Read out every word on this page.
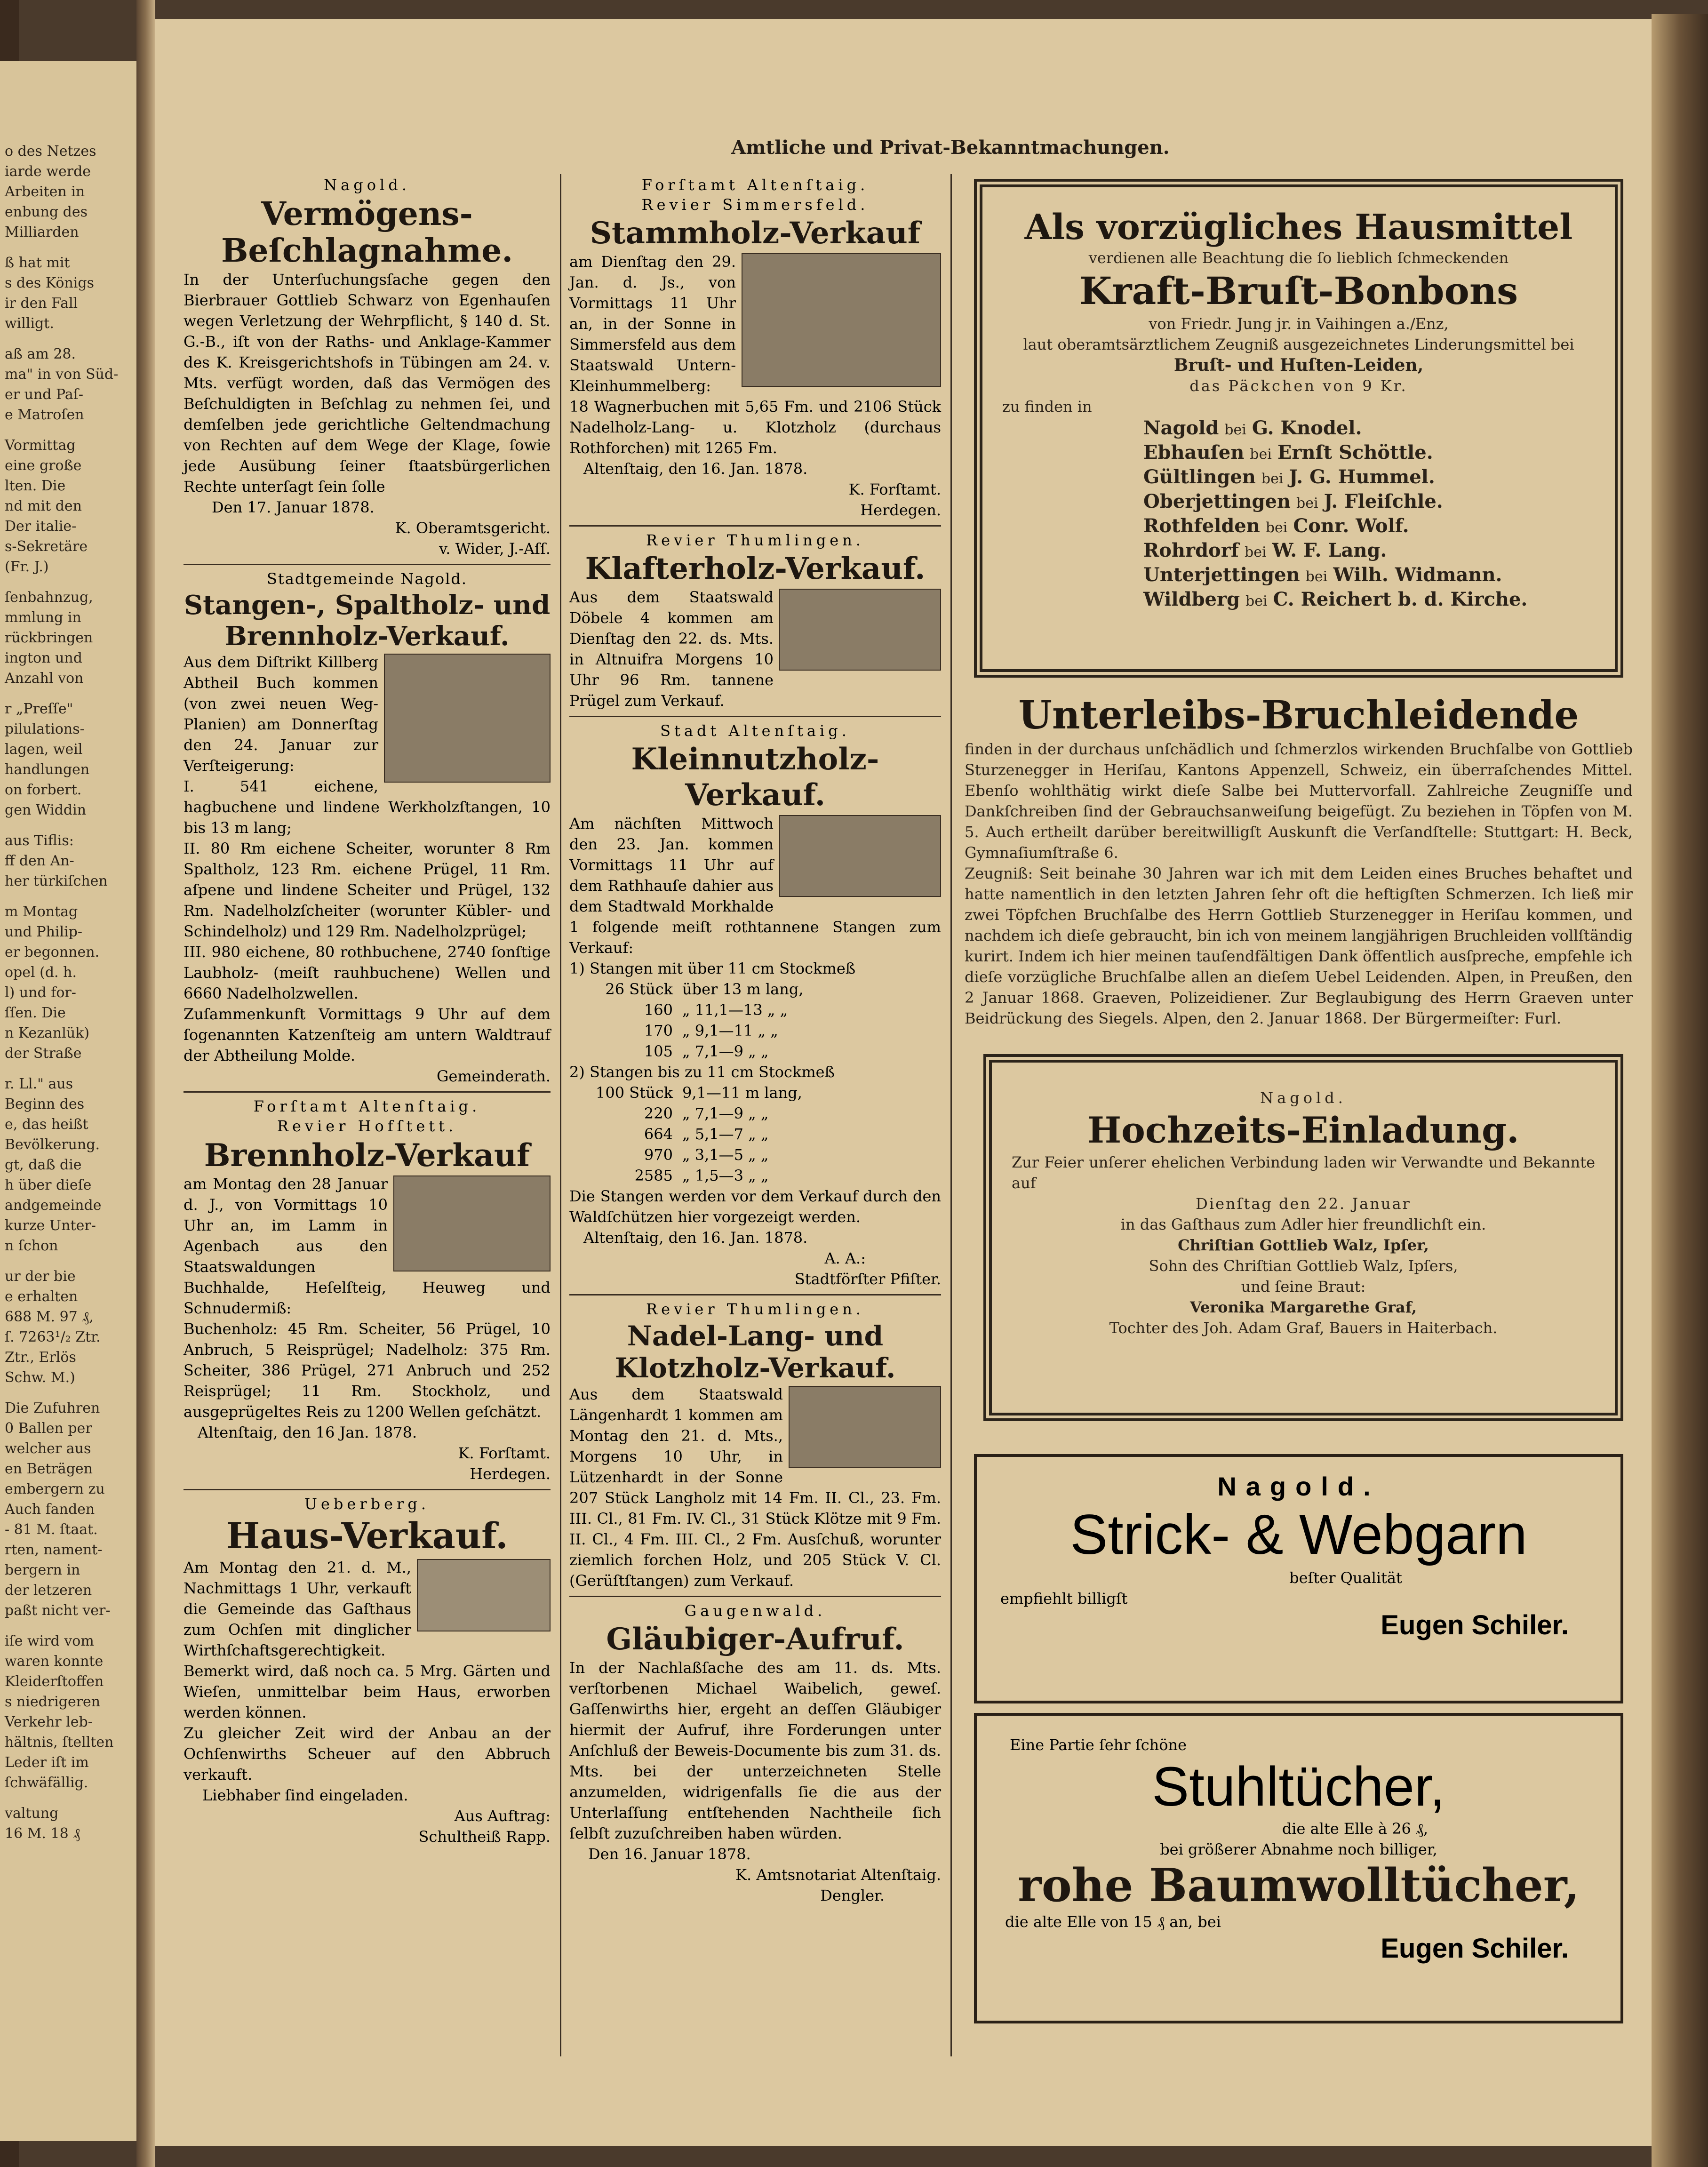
o des Netzes
iarde werde
Arbeiten in
enbung des
Milliarden
ß hat mit
s des Königs
ir den Fall
willigt.
aß am 28.
ma" in von Süd-
er und Paſ-
e Matroſen
Vormittag
eine große
lten. Die
nd mit den
Der italie-
s-Sekretäre
(Fr. J.)
ſenbahnzug,
mmlung in
rückbringen
ington und
Anzahl von
r „Preſſe"
pilulations-
lagen, weil
handlungen
on forbert.
gen Widdin
aus Tiflis:
ff den An-
her türkiſchen
m Montag
und Philip-
er begonnen.
opel (d. h.
l) und for-
ſſen. Die
n Kezanlük)
der Straße
r. Ll." aus
Beginn des
e, das heißt
Bevölkerung.
gt, daß die
h über dieſe
andgemeinde
kurze Unter-
n ſchon
ur der bie
e erhalten
688 M. 97 ₰,
ſ. 7263¹/₂ Ztr.
Ztr., Erlös
Schw. M.)
Die Zufuhren
0 Ballen per
welcher aus
en Beträgen
embergern zu
Auch fanden
- 81 M. ſtaat.
rten, nament-
bergern in
der letzeren
paßt nicht ver-
iſe wird vom
waren konnte
Kleiderſtoffen
s niedrigeren
Verkehr leb-
hältnis, ſtellten
Leder iſt im
ſchwäfällig.
valtung
16 M. 18 ₰
Amtliche und Privat-Bekanntmachungen.
Nagold.
Vermögens-Beſchlagnahme.
In der Unterſuchungsſache gegen den Bierbrauer Gottlieb Schwarz von Egenhauſen wegen Verletzung der Wehrpflicht, § 140 d. St. G.-B., iſt von der Raths- und Anklage-Kammer des K. Kreisgerichtshofs in Tübingen am 24. v. Mts. verfügt worden, daß das Vermögen des Beſchuldigten in Beſchlag zu nehmen ſei, und demſelben jede gerichtliche Geltendmachung von Rechten auf dem Wege der Klage, ſowie jede Ausübung ſeiner ſtaatsbürgerlichen Rechte unterſagt ſein ſolle
Den 17. Januar 1878.
K. Oberamtsgericht.
v. Wider, J.-Aſſ.
Stadtgemeinde Nagold.
Stangen-, Spaltholz- und Brennholz-Verkauf.
Aus dem Diſtrikt Killberg Abtheil Buch kommen (von zwei neuen Weg-Planien) am Donnerſtag den 24. Januar zur Verſteigerung:
I. 541 eichene, hagbuchene und lindene Werkholzſtangen, 10 bis 13 m lang;
II. 80 Rm eichene Scheiter, worunter 8 Rm Spaltholz, 123 Rm. eichene Prügel, 11 Rm. aſpene und lindene Scheiter und Prügel, 132 Rm. Nadelholzſcheiter (worunter Kübler- und Schindelholz) und 129 Rm. Nadelholzprügel;
III. 980 eichene, 80 rothbuchene, 2740 ſonſtige Laubholz- (meiſt rauhbuchene) Wellen und 6660 Nadelholzwellen.
Zuſammenkunft Vormittags 9 Uhr auf dem ſogenannten Katzenſteig am untern Waldtrauf der Abtheilung Molde.
Gemeinderath.
Forſtamt Altenſtaig.
Revier Hofſtett.
Brennholz-Verkauf
am Montag den 28 Januar d. J., von Vormittags 10 Uhr an, im Lamm in Agenbach aus den Staatswaldungen Buchhalde, Heſelſteig, Heuweg und Schnudermiß:
Buchenholz: 45 Rm. Scheiter, 56 Prügel, 10 Anbruch, 5 Reisprügel; Nadelholz: 375 Rm. Scheiter, 386 Prügel, 271 Anbruch und 252 Reisprügel; 11 Rm. Stockholz, und ausgeprügeltes Reis zu 1200 Wellen geſchätzt.
Altenſtaig, den 16 Jan. 1878.
K. Forſtamt.
Herdegen.
Ueberberg.
Haus-Verkauf.
Am Montag den 21. d. M., Nachmittags 1 Uhr, verkauft die Gemeinde das Gaſthaus zum Ochſen mit dinglicher Wirthſchaftsgerechtigkeit.
Bemerkt wird, daß noch ca. 5 Mrg. Gärten und Wieſen, unmittelbar beim Haus, erworben werden können.
Zu gleicher Zeit wird der Anbau an der Ochſenwirths Scheuer auf den Abbruch verkauft.
Liebhaber ſind eingeladen.
Aus Auftrag:
Schultheiß Rapp.
Forſtamt Altenſtaig.
Revier Simmersfeld.
Stammholz-Verkauf
am Dienſtag den 29. Jan. d. Js., von Vormittags 11 Uhr an, in der Sonne in Simmersfeld aus dem Staatswald Untern-Kleinhummelberg:
18 Wagnerbuchen mit 5,65 Fm. und 2106 Stück Nadelholz-Lang- u. Klotzholz (durchaus Rothforchen) mit 1265 Fm.
Altenſtaig, den 16. Jan. 1878.
K. Forſtamt.
Herdegen.
Revier Thumlingen.
Klafterholz-Verkauf.
Aus dem Staatswald Döbele 4 kommen am Dienſtag den 22. ds. Mts. in Altnuifra Morgens 10 Uhr 96 Rm. tannene Prügel zum Verkauf.
Stadt Altenſtaig.
Kleinnutzholz-Verkauf.
Am nächſten Mittwoch den 23. Jan. kommen Vormittags 11 Uhr auf dem Rathhauſe dahier aus dem Stadtwald Morkhalde 1 folgende meiſt rothtannene Stangen zum Verkauf:
1) Stangen mit über 11 cm Stockmeß
26 Stück über 13 m lang,
160 „ 11,1—13 „ „
170 „ 9,1—11 „ „
105 „ 7,1—9 „ „
2) Stangen bis zu 11 cm Stockmeß
100 Stück 9,1—11 m lang,
220 „ 7,1—9 „ „
664 „ 5,1—7 „ „
970 „ 3,1—5 „ „
2585 „ 1,5—3 „ „
Die Stangen werden vor dem Verkauf durch den Waldſchützen hier vorgezeigt werden.
Altenſtaig, den 16. Jan. 1878.
A. A.:
Stadtförſter Pfiſter.
Revier Thumlingen.
Nadel-Lang- und Klotzholz-Verkauf.
Aus dem Staatswald Längenhardt 1 kommen am Montag den 21. d. Mts., Morgens 10 Uhr, in Lützenhardt in der Sonne 207 Stück Langholz mit 14 Fm. II. Cl., 23. Fm. III. Cl., 81 Fm. IV. Cl., 31 Stück Klötze mit 9 Fm. II. Cl., 4 Fm. III. Cl., 2 Fm. Ausſchuß, worunter ziemlich forchen Holz, und 205 Stück V. Cl. (Gerüſtſtangen) zum Verkauf.
Gaugenwald.
Gläubiger-Aufruf.
In der Nachlaßſache des am 11. ds. Mts. verſtorbenen Michael Waibelich, geweſ. Gaſſenwirths hier, ergeht an deſſen Gläubiger hiermit der Aufruf, ihre Forderungen unter Anſchluß der Beweis-Documente bis zum 31. ds. Mts. bei der unterzeichneten Stelle anzumelden, widrigenfalls ſie die aus der Unterlaſſung entſtehenden Nachtheile ſich ſelbſt zuzuſchreiben haben würden.
Den 16. Januar 1878.
K. Amtsnotariat Altenſtaig.
Dengler.
Als vorzügliches Hausmittel
verdienen alle Beachtung die ſo lieblich ſchmeckenden
Kraft-Bruſt-Bonbons
von Friedr. Jung jr. in Vaihingen a./Enz,
laut oberamtsärztlichem Zeugniß ausgezeichnetes Linderungsmittel bei
Bruſt- und Huſten-Leiden,
das Päckchen von 9 Kr.
zu finden in
Nagold bei G. Knodel.
Ebhauſen bei Ernſt Schöttle.
Gültlingen bei J. G. Hummel.
Oberjettingen bei J. Fleiſchle.
Rothfelden bei Conr. Wolf.
Rohrdorf bei W. F. Lang.
Unterjettingen bei Wilh. Widmann.
Wildberg bei C. Reichert b. d. Kirche.
Unterleibs-Bruchleidende
finden in der durchaus unſchädlich und ſchmerzlos wirkenden Bruchſalbe von Gottlieb Sturzenegger in Heriſau, Kantons Appenzell, Schweiz, ein überraſchendes Mittel. Ebenſo wohlthätig wirkt dieſe Salbe bei Muttervorfall. Zahlreiche Zeugniſſe und Dankſchreiben ſind der Gebrauchsanweiſung beigefügt. Zu beziehen in Töpfen von M. 5. Auch ertheilt darüber bereitwilligſt Auskunft die Verſandſtelle: Stuttgart: H. Beck, Gymnaſiumſtraße 6.
Zeugniß: Seit beinahe 30 Jahren war ich mit dem Leiden eines Bruches behaftet und hatte namentlich in den letzten Jahren ſehr oft die heftigſten Schmerzen. Ich ließ mir zwei Töpfchen Bruchſalbe des Herrn Gottlieb Sturzenegger in Heriſau kommen, und nachdem ich dieſe gebraucht, bin ich von meinem langjährigen Bruchleiden vollſtändig kurirt. Indem ich hier meinen tauſendfältigen Dank öffentlich ausſpreche, empfehle ich dieſe vorzügliche Bruchſalbe allen an dieſem Uebel Leidenden. Alpen, in Preußen, den 2 Januar 1868. Graeven, Polizeidiener. Zur Beglaubigung des Herrn Graeven unter Beidrückung des Siegels. Alpen, den 2. Januar 1868. Der Bürgermeiſter: Furl.
Nagold.
Hochzeits-Einladung.
Zur Feier unſerer ehelichen Verbindung laden wir Verwandte und Bekannte auf
Dienſtag den 22. Januar
in das Gaſthaus zum Adler hier freundlichſt ein.
Chriſtian Gottlieb Walz, Ipſer,
Sohn des Chriſtian Gottlieb Walz, Ipſers,
und ſeine Braut:
Veronika Margarethe Graf,
Tochter des Joh. Adam Graf, Bauers in Haiterbach.
Nagold.
Strick- & Webgarn
beſter Qualität
empfiehlt billigſt
Eugen Schiler.
Eine Partie ſehr ſchöne
Stuhltücher,
die alte Elle à 26 ₰,
bei größerer Abnahme noch billiger,
rohe Baumwolltücher,
die alte Elle von 15 ₰ an, bei
Eugen Schiler.
